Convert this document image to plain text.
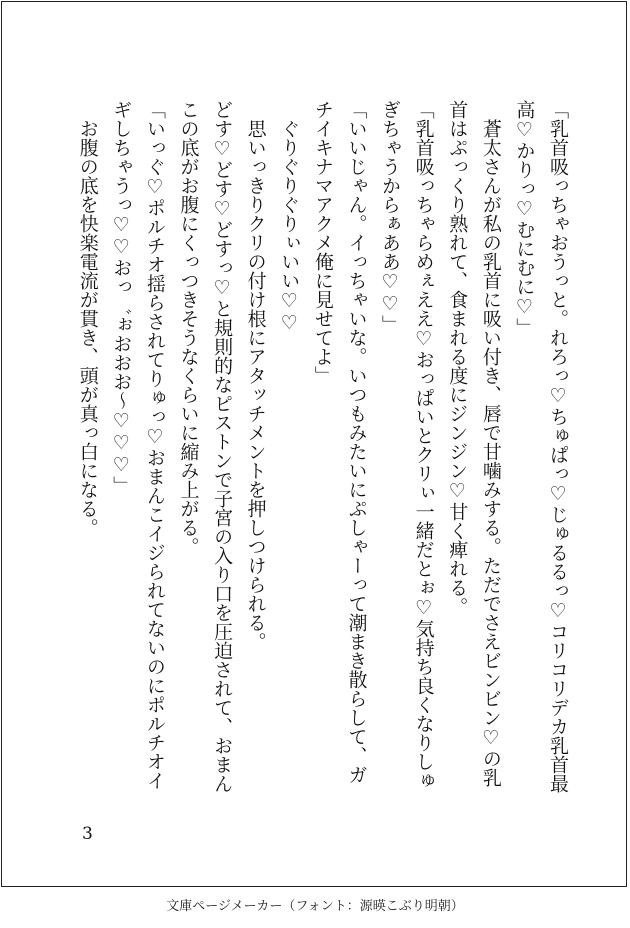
「乳首吸っちゃおうっと。れろっ♡ちゅぱっ♡じゅるるっ♡コリコリデカ乳首最高♡かりっ♡むにむに♡」

蒼太さんが私の乳首に吸い付き、唇で甘噛みする。ただでさえビンビン♡の乳首はぷっくり熟れて、食まれる度にジンジン♡甘く痺れる。

「乳首吸っちゃらめぇええ♡おっぱいとクリぃ一緒だとぉ♡気持ち良くなりしゅぎちゃうからぁああ♡♡」

「いいじゃん。イっちゃいな。いつもみたいにぷしゃーって潮まき散らして、ガチイキナマアクメ俺に見せてよ」

ぐりぐりぐりぃいい♡♡

思いっきりクリの付け根にアタッチメントを押しつけられる。

どす♡どす♡どすっ♡と規則的なピストンで子宮の入り口を圧迫されて、おまんこの底がお腹にくっつきそうなくらいに縮み上がる。

「いっぐ♡ポルチオ揺らされてりゅっ♡おまんこイジられてないのにポルチオイギしちゃうっ♡♡おっ゛ぉおおお～♡♡♡」

お腹の底を快楽電流が貫き、頭が真っ白になる。

3
文庫ページメーカー（フォント：源暎こぶり明朝）
